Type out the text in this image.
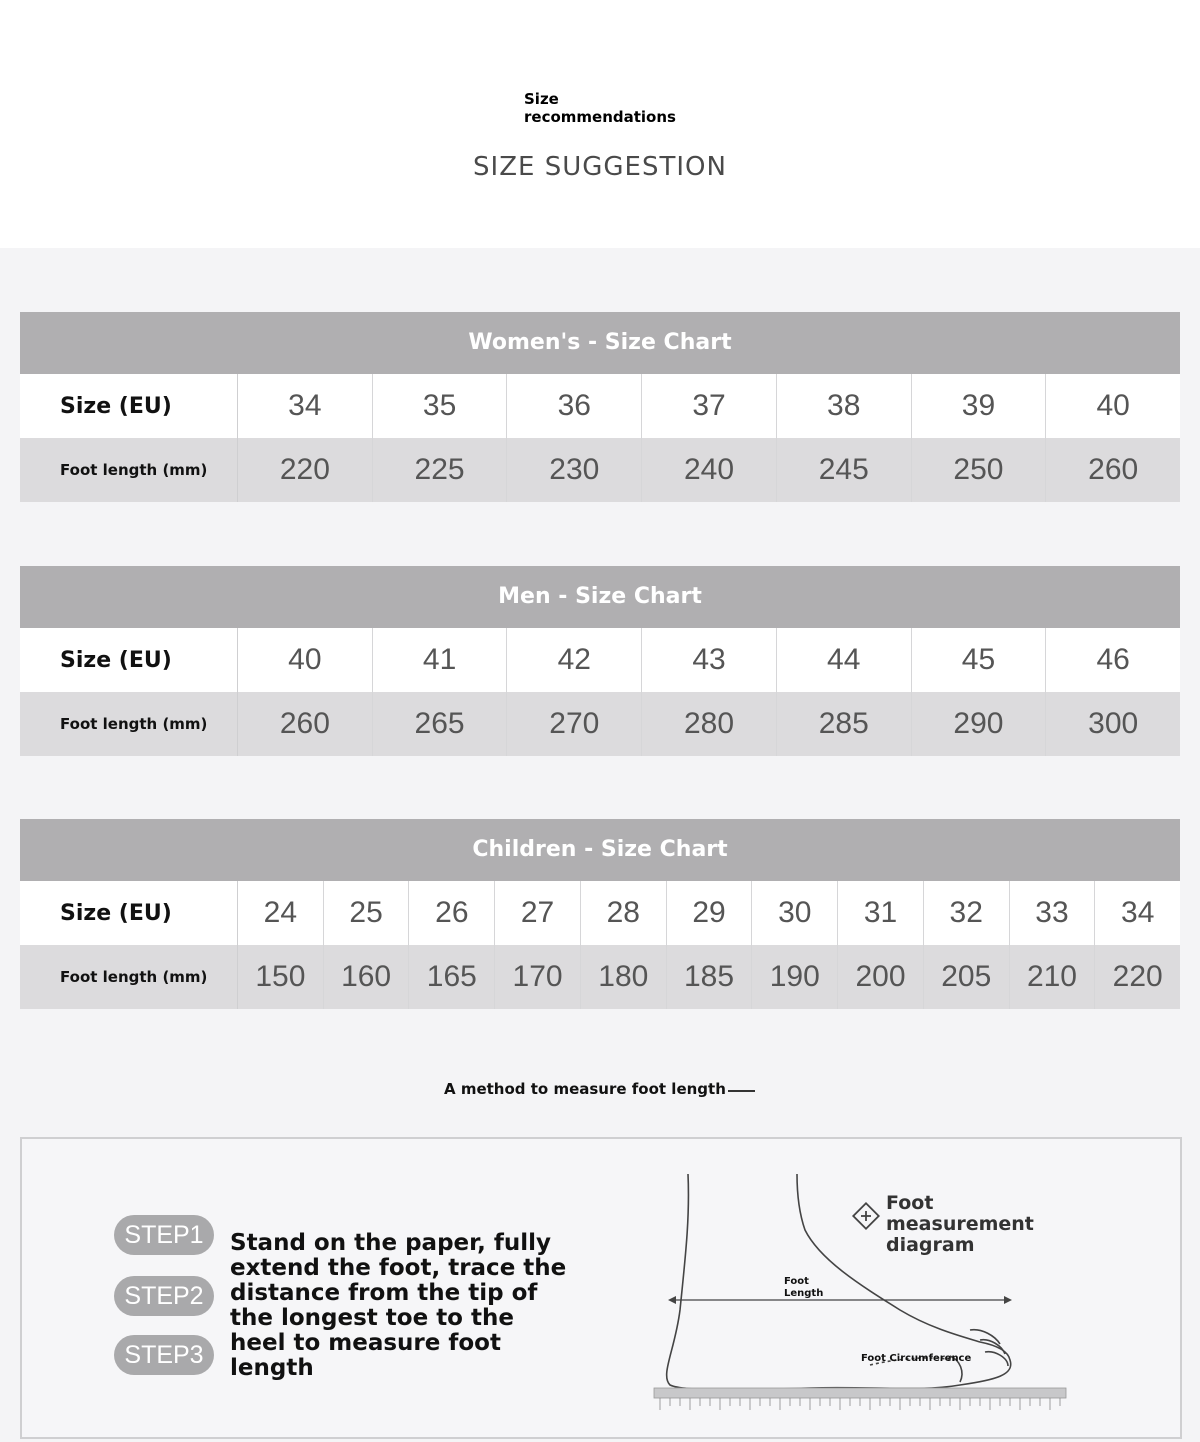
Size recommendations
SIZE SUGGESTION
Women's - Size Chart
Size (EU)	34	35	36	37	38	39	40
Foot length (mm)	220	225	230	240	245	250	260
Men - Size Chart
Size (EU)	40	41	42	43	44	45	46
Foot length (mm)	260	265	270	280	285	290	300
Children - Size Chart
Size (EU)	24	25	26	27	28	29	30	31	32	33	34
Foot length (mm)	150	160	165	170	180	185	190	200	205	210	220
A method to measure foot length
STEP1
STEP2
STEP3
Stand on the paper, fully extend the foot, trace the distance from the tip of the longest toe to the heel to measure foot length
Foot measurement diagram
Foot Length
Foot Circumference
